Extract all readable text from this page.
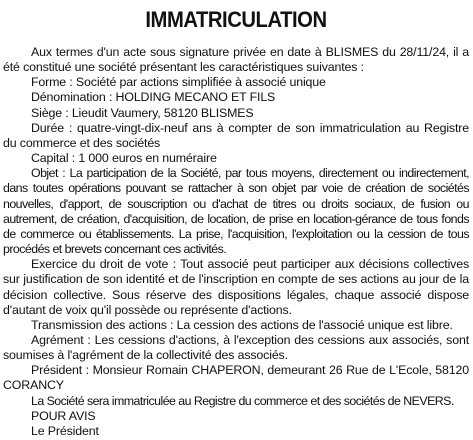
IMMATRICULATION

Aux termes d'un acte sous signature privée en date à BLISMES du 28/11/24, il a été constitué une société présentant les caractéristiques suivantes :

Forme : Société par actions simplifiée à associé unique

Dénomination : HOLDING MECANO ET FILS

Siège : Lieudit Vaumery, 58120 BLISMES

Durée : quatre-vingt-dix-neuf ans à compter de son immatriculation au Registre du commerce et des sociétés

Capital : 1 000 euros en numéraire

Objet : La participation de la Société, par tous moyens, directement ou indirectement, dans toutes opérations pouvant se rattacher à son objet par voie de création de sociétés nouvelles, d'apport, de souscription ou d'achat de titres ou droits sociaux, de fusion ou autrement, de création, d'acquisition, de location, de prise en location-gérance de tous fonds de commerce ou établissements. La prise, l'acquisition, l'exploitation ou la cession de tous procédés et brevets concernant ces activités.

Exercice du droit de vote : Tout associé peut participer aux décisions collectives sur justification de son identité et de l'inscription en compte de ses actions au jour de la décision collective. Sous réserve des dispositions légales, chaque associé dispose d'autant de voix qu'il possède ou représente d'actions.

Transmission des actions : La cession des actions de l'associé unique est libre.

Agrément : Les cessions d'actions, à l'exception des cessions aux associés, sont soumises à l'agrément de la collectivité des associés.

Président : Monsieur Romain CHAPERON, demeurant 26 Rue de L'Ecole, 58120 CORANCY

La Société sera immatriculée au Registre du commerce et des sociétés de NEVERS.

POUR AVIS

Le Président
